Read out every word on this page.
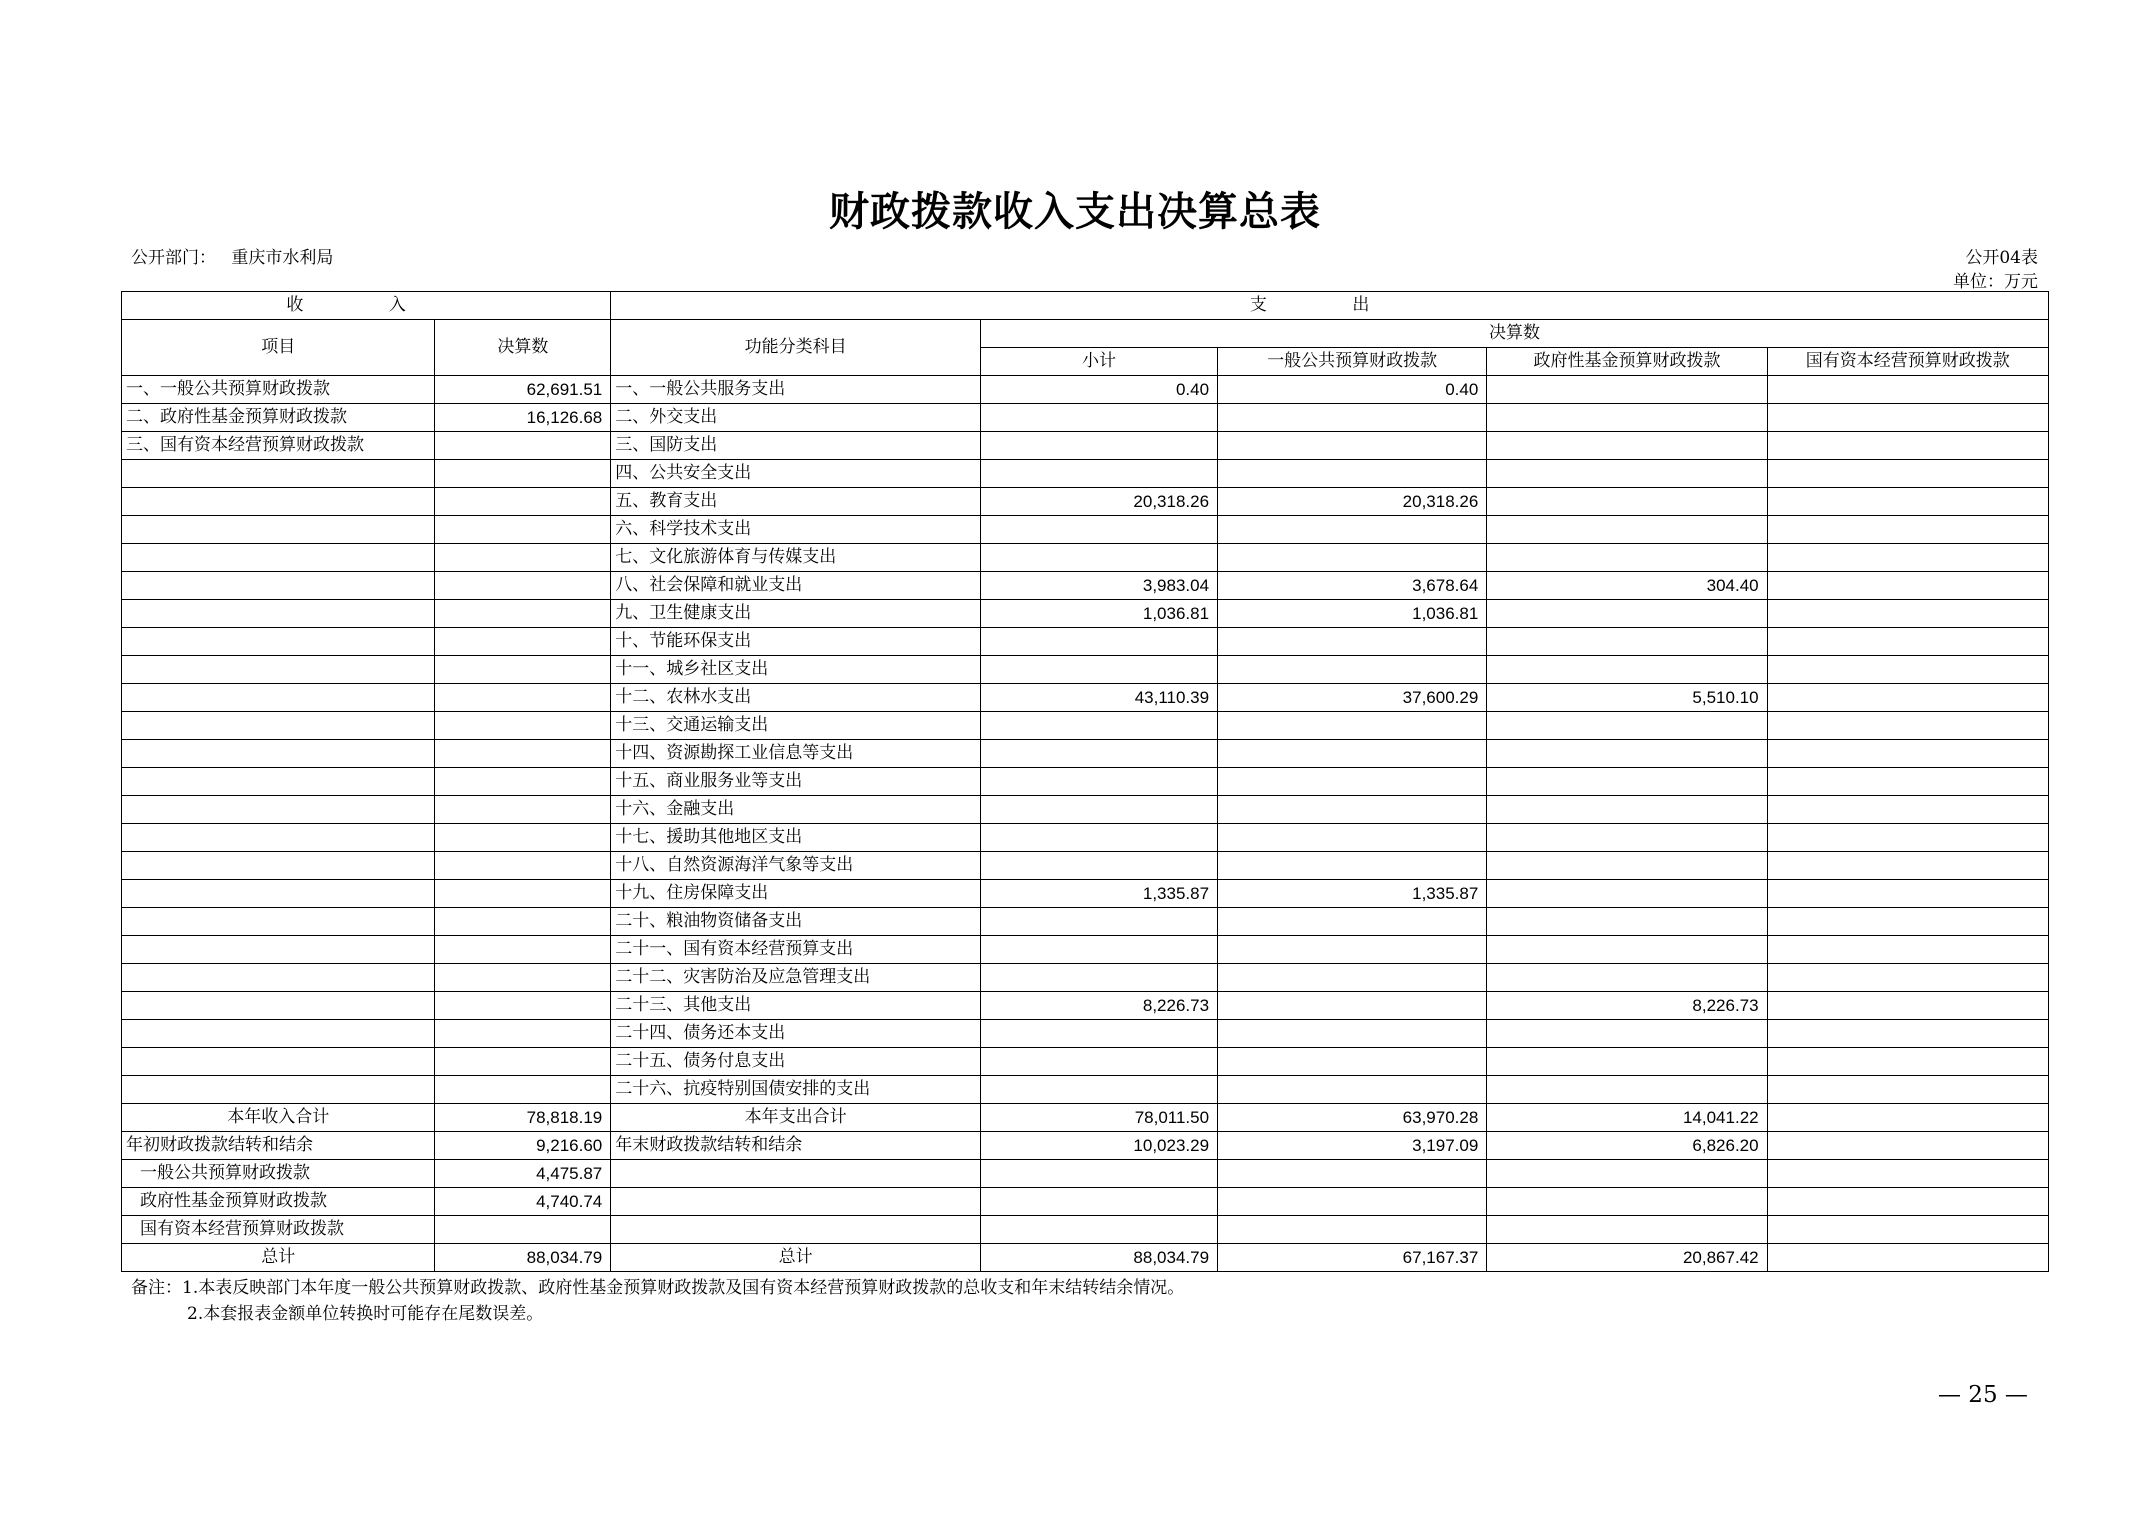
财政拨款收入支出决算总表
公开部门： 重庆市水利局	公开04表
单位：万元
收 入		支 出				
项目	决算数	功能分类科目	决算数			
			小计	一般公共预算财政拨款	政府性基金预算财政拨款	国有资本经营预算财政拨款
一、一般公共预算财政拨款	62,691.51	一、一般公共服务支出	0.40	0.40		
二、政府性基金预算财政拨款	16,126.68	二、外交支出				
三、国有资本经营预算财政拨款		三、国防支出				
		四、公共安全支出				
		五、教育支出	20,318.26	20,318.26		
		六、科学技术支出				
		七、文化旅游体育与传媒支出				
		八、社会保障和就业支出	3,983.04	3,678.64	304.40	
		九、卫生健康支出	1,036.81	1,036.81		
		十、节能环保支出				
		十一、城乡社区支出				
		十二、农林水支出	43,110.39	37,600.29	5,510.10	
		十三、交通运输支出				
		十四、资源勘探工业信息等支出				
		十五、商业服务业等支出				
		十六、金融支出				
		十七、援助其他地区支出				
		十八、自然资源海洋气象等支出				
		十九、住房保障支出	1,335.87	1,335.87		
		二十、粮油物资储备支出				
		二十一、国有资本经营预算支出				
		二十二、灾害防治及应急管理支出				
		二十三、其他支出	8,226.73		8,226.73	
		二十四、债务还本支出				
		二十五、债务付息支出				
		二十六、抗疫特别国债安排的支出				
本年收入合计	78,818.19	本年支出合计	78,011.50	63,970.28	14,041.22	
年初财政拨款结转和结余	9,216.60	年末财政拨款结转和结余	10,023.29	3,197.09	6,826.20	
一般公共预算财政拨款	4,475.87					
政府性基金预算财政拨款	4,740.74					
国有资本经营预算财政拨款						
总计	88,034.79	总计	88,034.79	67,167.37	20,867.42	
备注：1.本表反映部门本年度一般公共预算财政拨款、政府性基金预算财政拨款及国有资本经营预算财政拨款的总收支和年末结转结余情况。
2.本套报表金额单位转换时可能存在尾数误差。
— 25 —
